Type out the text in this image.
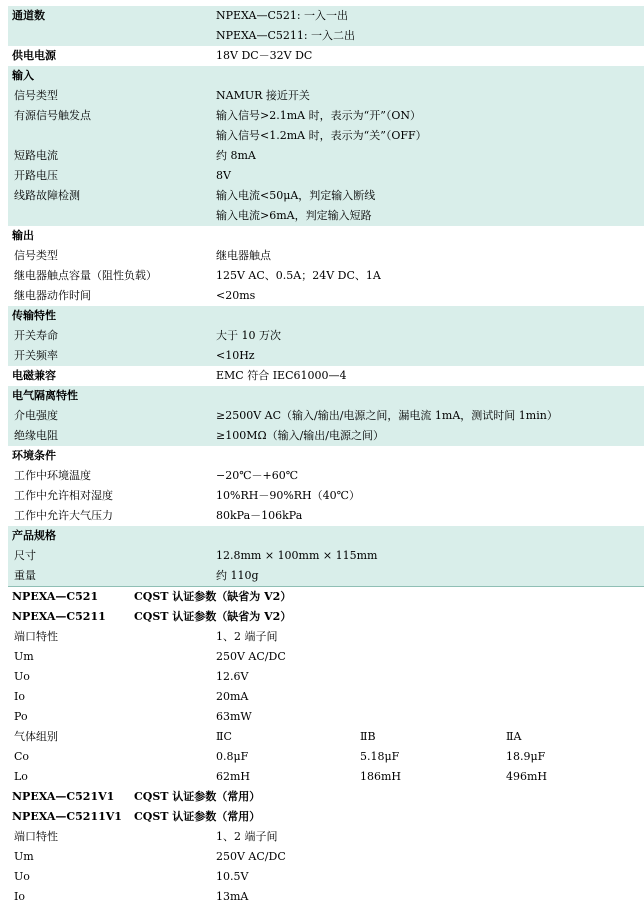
通道数	NPEXA—C521: 一入一出
NPEXA—C5211: 一入二出
供电电源	18V DC－32V DC
输入
信号类型	NAMUR 接近开关
有源信号触发点	输入信号>2.1mA 时，表示为“开”（ON）
输入信号<1.2mA 时，表示为“关”（OFF）
短路电流	约 8mA
开路电压	8V
线路故障检测	输入电流<50μA，判定输入断线
输入电流>6mA，判定输入短路
输出
信号类型	继电器触点
继电器触点容量（阻性负载）	125V AC、0.5A；24V DC、1A
继电器动作时间	<20ms
传输特性
开关寿命	大于 10 万次
开关频率	<10Hz
电磁兼容	EMC 符合 IEC61000—4
电气隔离特性
介电强度	≥2500V AC（输入/输出/电源之间，漏电流 1mA，测试时间 1min）
绝缘电阻	≥100MΩ（输入/输出/电源之间）
环境条件
工作中环境温度	−20℃－+60℃
工作中允许相对湿度	10%RH－90%RH（40℃）
工作中允许大气压力	80kPa－106kPa
产品规格
尺寸	12.8mm × 100mm × 115mm
重量	约 110g
NPEXA—C521	CQST 认证参数（缺省为 V2）
NPEXA—C5211	CQST 认证参数（缺省为 V2）
端口特性	1、2 端子间
Um	250V AC/DC
Uo	12.6V
Io	20mA
Po	63mW
气体组别	ⅡC	ⅡB	ⅡA
Co	0.8μF	5.18μF	18.9μF
Lo	62mH	186mH	496mH
NPEXA—C521V1 CQST 认证参数（常用）
NPEXA—C5211V1 CQST 认证参数（常用）
端口特性	1、2 端子间
Um	250V AC/DC
Uo	10.5V
Io	13mA
